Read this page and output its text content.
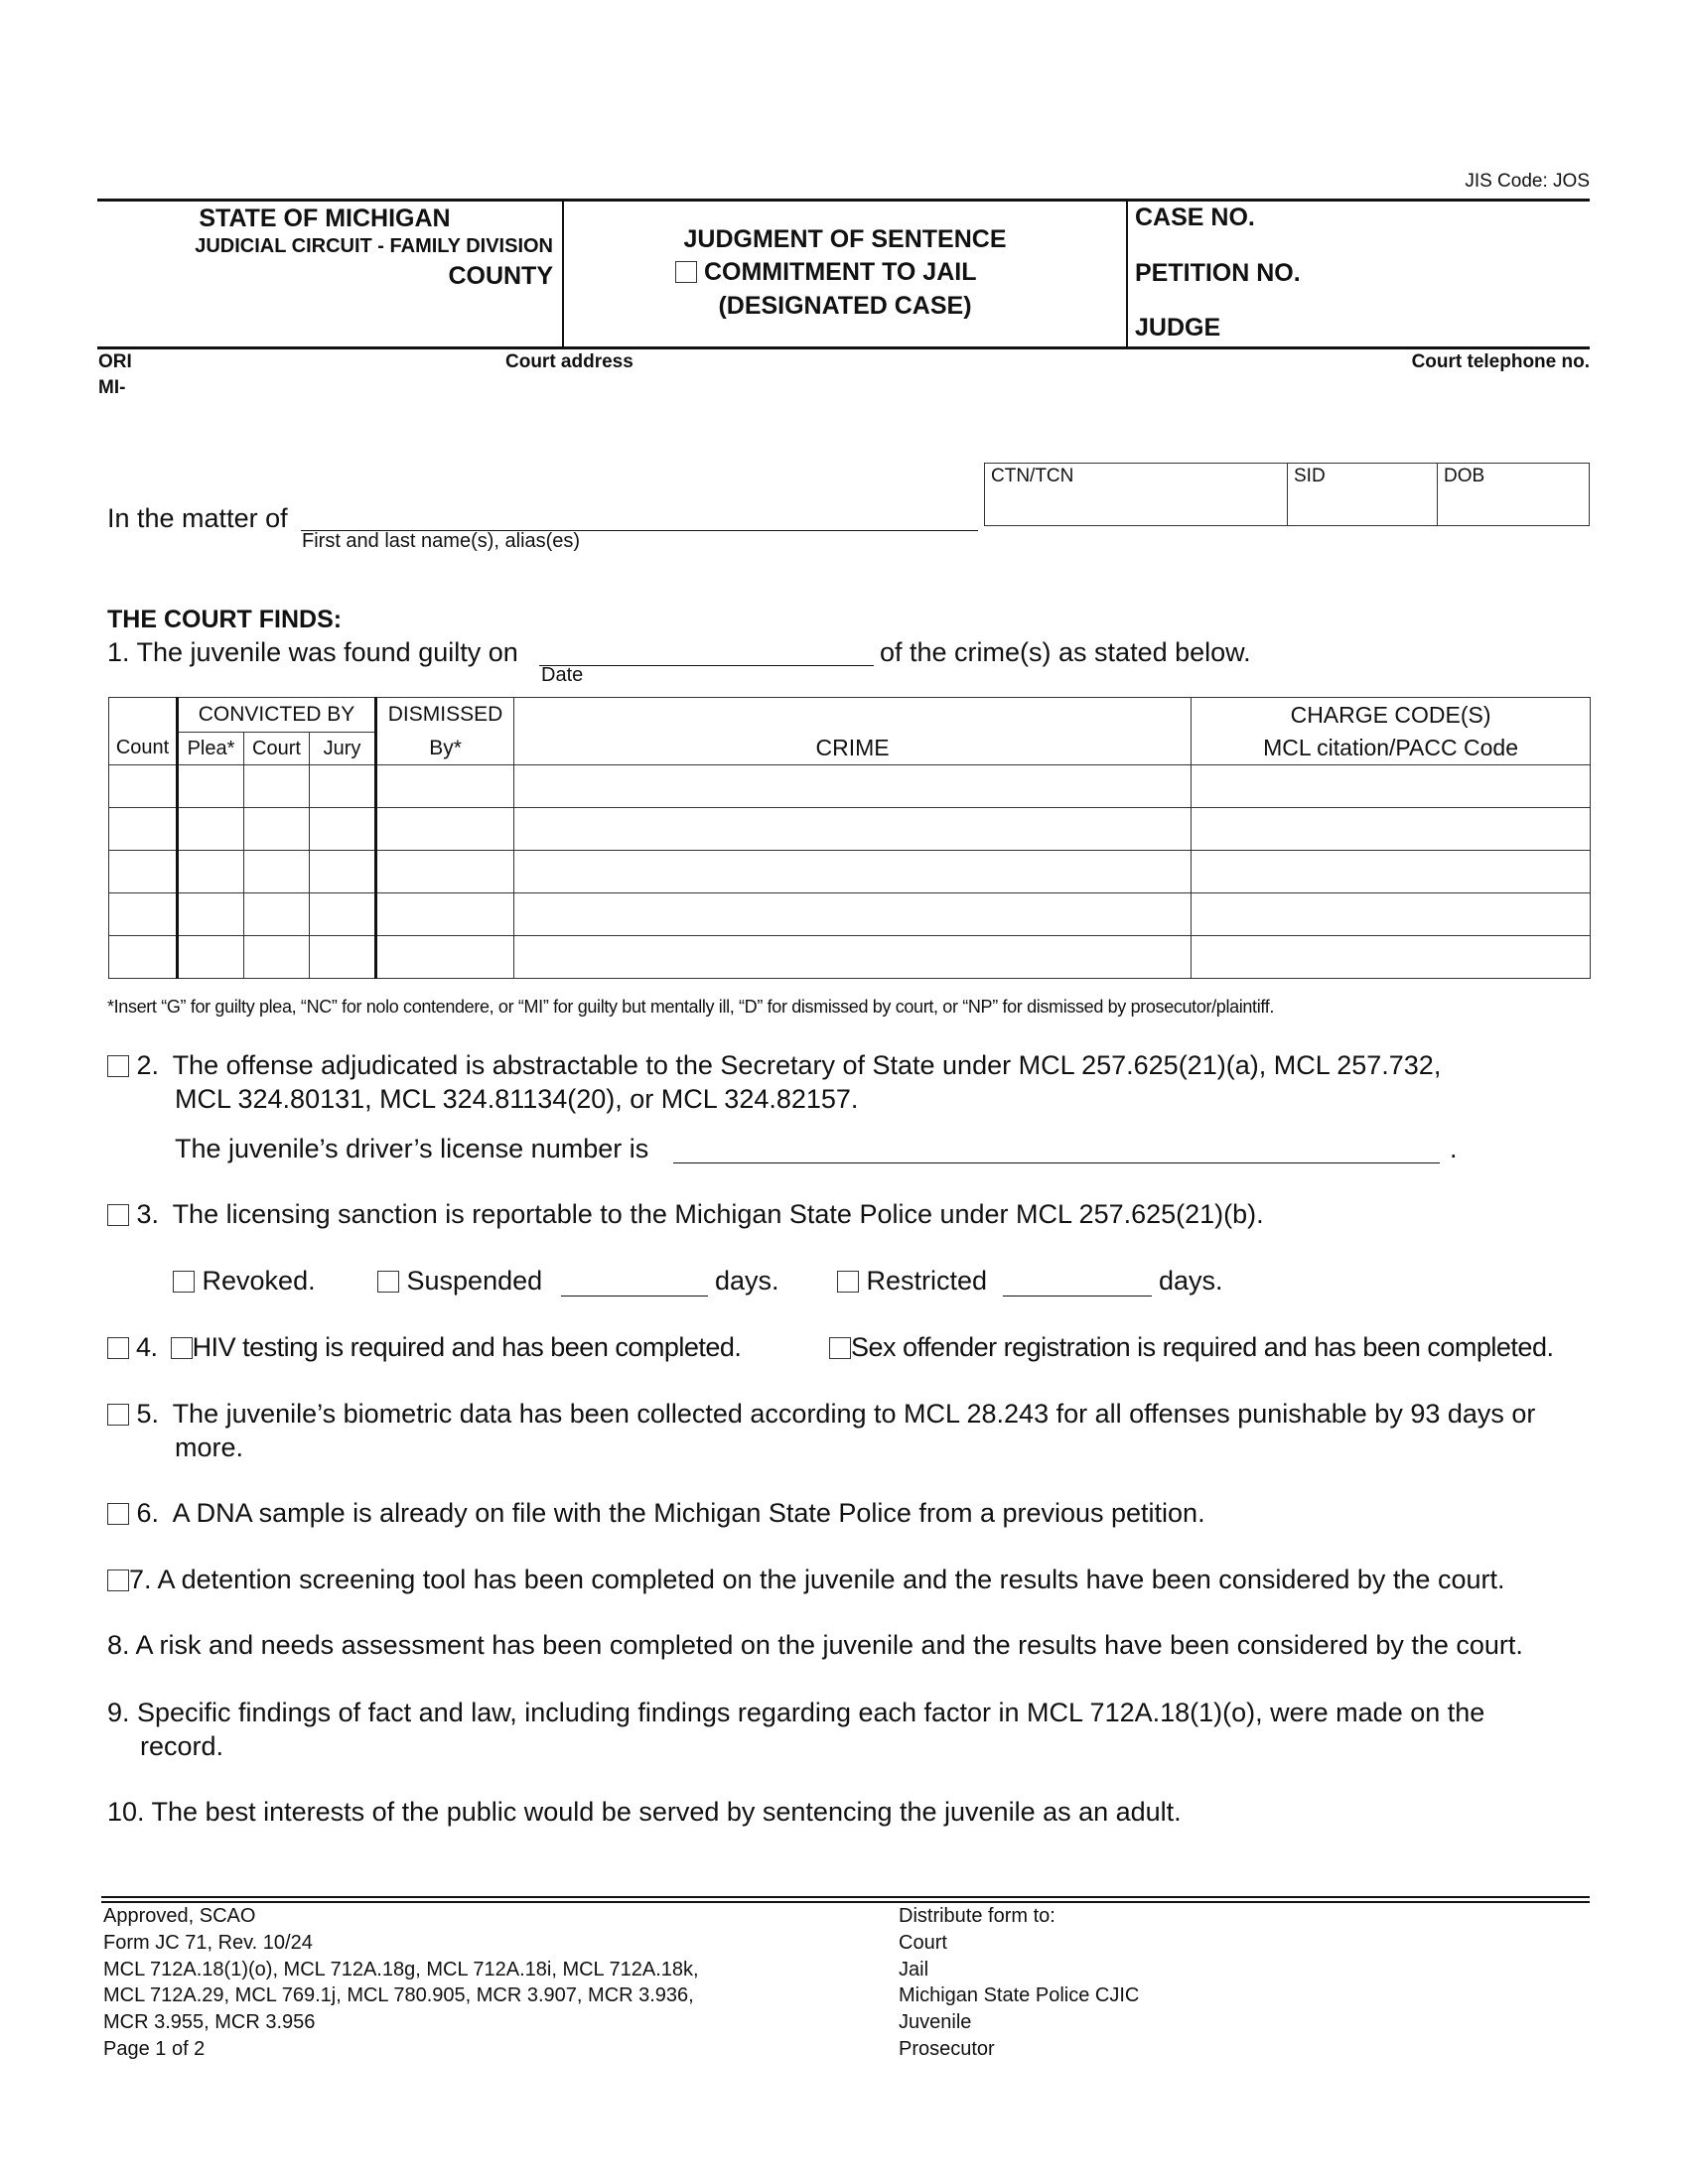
JIS Code: JOS
STATE OF MICHIGAN
JUDICIAL CIRCUIT - FAMILY DIVISION
COUNTY
JUDGMENT OF SENTENCE
COMMITMENT TO JAIL
(DESIGNATED CASE)
CASE NO.
PETITION NO.
JUDGE
ORI
MI-
Court address	Court telephone no.
CTN/TCN	SID	DOB
In the matter of
First and last name(s), alias(es)
THE COURT FINDS:
1. The juvenile was found guilty on	of the crime(s) as stated below.
Date
	CONVICTED BY			DISMISSED		CHARGE CODE(S)
Count	Plea*	Court	Jury	By*	CRIME	MCL citation/PACC Code

*Insert “G” for guilty plea, “NC” for nolo contendere, or “MI” for guilty but mentally ill, “D” for dismissed by court, or “NP” for dismissed by prosecutor/plaintiff.
2. The offense adjudicated is abstractable to the Secretary of State under MCL 257.625(21)(a), MCL 257.732,
MCL 324.80131, MCL 324.81134(20), or MCL 324.82157.
The juvenile’s driver’s license number is	.
3. The licensing sanction is reportable to the Michigan State Police under MCL 257.625(21)(b).
Revoked.	Suspended	days.	Restricted	days.
4. HIV testing is required and has been completed.	Sex offender registration is required and has been completed.
5. The juvenile’s biometric data has been collected according to MCL 28.243 for all offenses punishable by 93 days or
more.
6. A DNA sample is already on file with the Michigan State Police from a previous petition.
7. A detention screening tool has been completed on the juvenile and the results have been considered by the court.
8. A risk and needs assessment has been completed on the juvenile and the results have been considered by the court.
9. Specific findings of fact and law, including findings regarding each factor in MCL 712A.18(1)(o), were made on the
record.
10. The best interests of the public would be served by sentencing the juvenile as an adult.
Approved, SCAO
Form JC 71, Rev. 10/24
MCL 712A.18(1)(o), MCL 712A.18g, MCL 712A.18i, MCL 712A.18k,
MCL 712A.29, MCL 769.1j, MCL 780.905, MCR 3.907, MCR 3.936,
MCR 3.955, MCR 3.956
Page 1 of 2
Distribute form to:
Court
Jail
Michigan State Police CJIC
Juvenile
Prosecutor
